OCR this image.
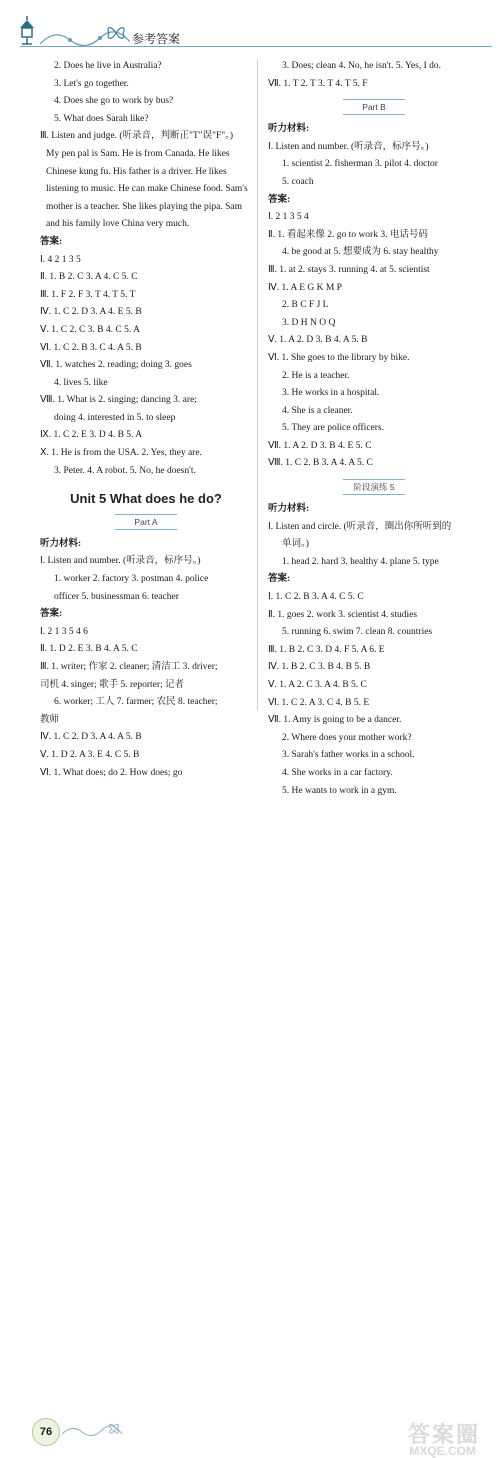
参考答案
2. Does he live in Australia?
3. Let's go together.
4. Does she go to work by bus?
5. What does Sarah like?
Ⅲ. Listen and judge. (听录音，判断正"T"误"F"。)
My pen pal is Sam. He is from Canada. He likes Chinese kung fu. His father is a driver. He likes listening to music. He can make Chinese food. Sam's mother is a teacher. She likes playing the pipa. Sam and his family love China very much.
答案:
Ⅰ. 4 2 1 3 5
Ⅱ. 1. B 2. C 3. A 4. C 5. C
Ⅲ. 1. F 2. F 3. T 4. T 5. T
Ⅳ. 1. C 2. D 3. A 4. E 5. B
Ⅴ. 1. C 2. C 3. B 4. C 5. A
Ⅵ. 1. C 2. B 3. C 4. A 5. B
Ⅶ. 1. watches 2. reading; doing 3. goes
4. lives 5. like
Ⅷ. 1. What is 2. singing; dancing 3. are;
doing 4. interested in 5. to sleep
Ⅸ. 1. C 2. E 3. D 4. B 5. A
Ⅹ. 1. He is from the USA. 2. Yes, they are.
3. Peter. 4. A robot. 5. No, he doesn't.
Unit 5 What does he do?
Part A
听力材料:
Ⅰ. Listen and number. (听录音，标序号。)
1. worker 2. factory 3. postman 4. police
officer 5. businessman 6. teacher
答案:
Ⅰ. 2 1 3 5 4 6
Ⅱ. 1. D 2. E 3. B 4. A 5. C
Ⅲ. 1. writer; 作家 2. cleaner; 清洁工 3. driver;
司机 4. singer; 歌手 5. reporter; 记者
6. worker; 工人 7. farmer; 农民 8. teacher;
教师
Ⅳ. 1. C 2. D 3. A 4. A 5. B
Ⅴ. 1. D 2. A 3. E 4. C 5. B
Ⅵ. 1. What does; do 2. How does; go
3. Does; clean 4. No, he isn't. 5. Yes, I do.
Ⅶ. 1. T 2. T 3. T 4. T 5. F
Part B
听力材料:
Ⅰ. Listen and number. (听录音，标序号。)
1. scientist 2. fisherman 3. pilot 4. doctor
5. coach
答案:
Ⅰ. 2 1 3 5 4
Ⅱ. 1. 看起来像 2. go to work 3. 电话号码
4. be good at 5. 想要成为 6. stay healthy
Ⅲ. 1. at 2. stays 3. running 4. at 5. scientist
Ⅳ. 1. A E G K M P
2. B C F J L
3. D H N O Q
Ⅴ. 1. A 2. D 3. B 4. A 5. B
Ⅵ. 1. She goes to the library by bike.
2. He is a teacher.
3. He works in a hospital.
4. She is a cleaner.
5. They are police officers.
Ⅶ. 1. A 2. D 3. B 4. E 5. C
Ⅷ. 1. C 2. B 3. A 4. A 5. C
阶段演练 5
听力材料:
Ⅰ. Listen and circle. (听录音，圈出你所听到的
单词。)
1. head 2. hard 3. healthy 4. plane 5. type
答案:
Ⅰ. 1. C 2. B 3. A 4. C 5. C
Ⅱ. 1. goes 2. work 3. scientist 4. studies
5. running 6. swim 7. clean 8. countries
Ⅲ. 1. B 2. C 3. D 4. F 5. A 6. E
Ⅳ. 1. B 2. C 3. B 4. B 5. B
Ⅴ. 1. A 2. C 3. A 4. B 5. C
Ⅵ. 1. C 2. A 3. C 4. B 5. E
Ⅶ. 1. Amy is going to be a dancer.
2. Where does your mother work?
3. Sarah's father works in a school.
4. She works in a car factory.
5. He wants to work in a gym.
76	答案圈
MXQE.COM
